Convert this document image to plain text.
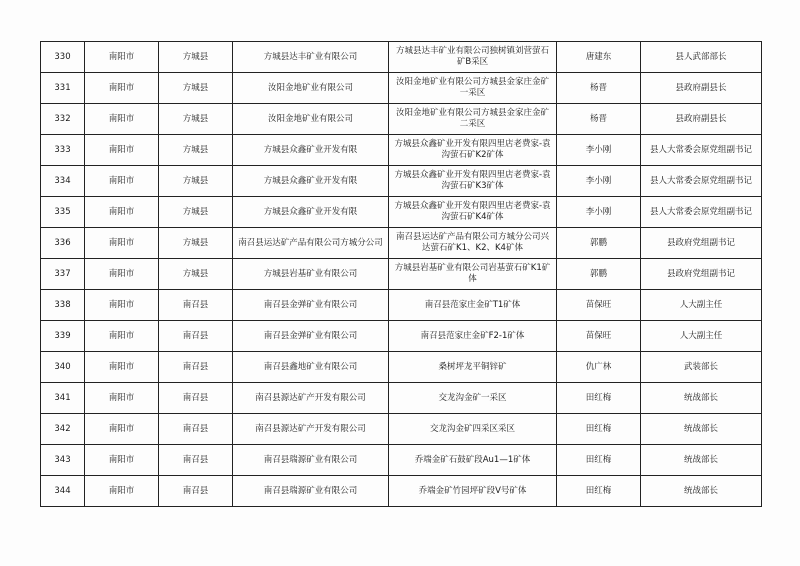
330	南阳市	方城县	方城县达丰矿业有限公司	方城县达丰矿业有限公司独树镇刘营萤石矿B采区	唐建东	县人武部部长
331	南阳市	方城县	汝阳金地矿业有限公司	汝阳金地矿业有限公司方城县金家庄金矿一采区	杨晋	县政府副县长
332	南阳市	方城县	汝阳金地矿业有限公司	汝阳金地矿业有限公司方城县金家庄金矿二采区	杨晋	县政府副县长
333	南阳市	方城县	方城县众鑫矿业开发有限	方城县众鑫矿业开发有限四里店老费家-袁沟萤石矿K2矿体	李小刚	县人大常委会原党组副书记
334	南阳市	方城县	方城县众鑫矿业开发有限	方城县众鑫矿业开发有限四里店老费家-袁沟萤石矿K3矿体	李小刚	县人大常委会原党组副书记
335	南阳市	方城县	方城县众鑫矿业开发有限	方城县众鑫矿业开发有限四里店老费家-袁沟萤石矿K4矿体	李小刚	县人大常委会原党组副书记
336	南阳市	方城县	南召县运达矿产品有限公司方城分公司	南召县运达矿产品有限公司方城分公司兴达萤石矿K1、K2、K4矿体	郭鹏	县政府党组副书记
337	南阳市	方城县	方城县岩基矿业有限公司	方城县岩基矿业有限公司岩基萤石矿K1矿体	郭鹏	县政府党组副书记
338	南阳市	南召县	南召县金弹矿业有限公司	南召县范家庄金矿T1矿体	苗保旺	人大副主任
339	南阳市	南召县	南召县金弹矿业有限公司	南召县范家庄金矿F2-1矿体	苗保旺	人大副主任
340	南阳市	南召县	南召县鑫地矿业有限公司	桑树坪龙平铜锌矿	仇广林	武装部长
341	南阳市	南召县	南召县源达矿产开发有限公司	交龙沟金矿一采区	田红梅	统战部长
342	南阳市	南召县	南召县源达矿产开发有限公司	交龙沟金矿四采区采区	田红梅	统战部长
343	南阳市	南召县	南召县瑞源矿业有限公司	乔端金矿石鼓矿段Au1—1矿体	田红梅	统战部长
344	南阳市	南召县	南召县瑞源矿业有限公司	乔端金矿竹园坪矿段V号矿体	田红梅	统战部长
